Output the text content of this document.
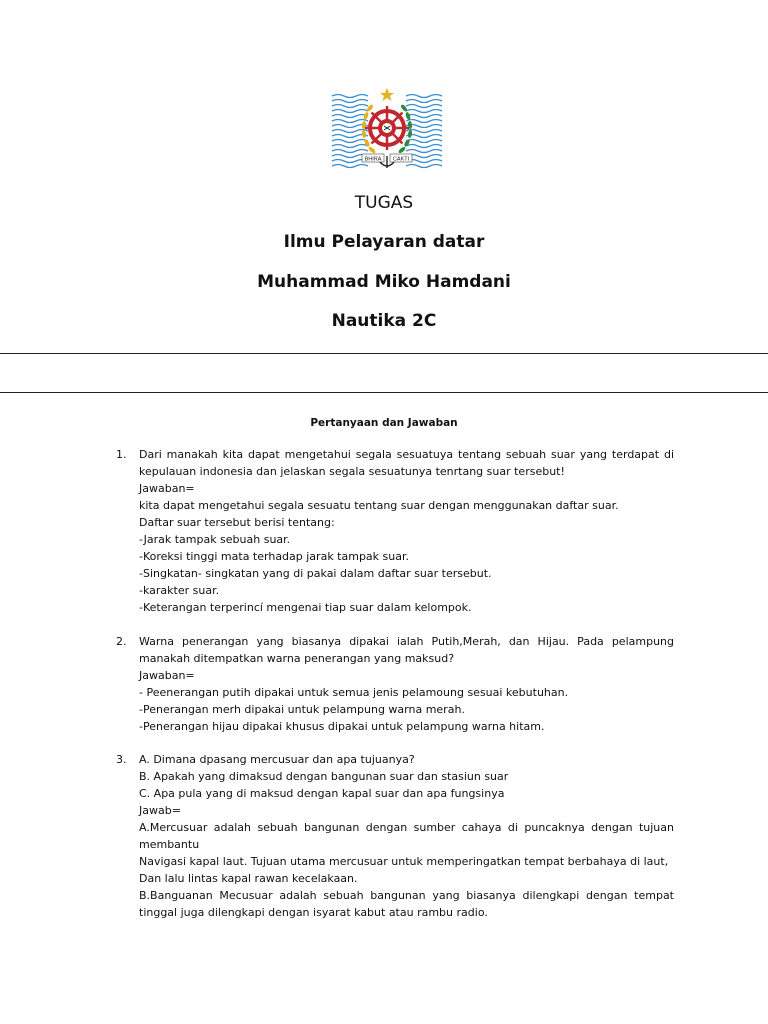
BHIRA CAKTI
TUGAS
Ilmu Pelayaran datar
Muhammad Miko Hamdani
Nautika 2C
Pertanyaan dan Jawaban
1.	Dari manakah kita dapat mengetahui segala sesuatuya tentang sebuah suar yang terdapat di kepulauan indonesia dan jelaskan segala sesuatunya tenrtang suar tersebut!
Jawaban=
kita dapat mengetahui segala sesuatu tentang suar dengan menggunakan daftar suar.
Daftar suar tersebut berisi tentang:
-Jarak tampak sebuah suar.
-Koreksi tinggi mata terhadap jarak tampak suar.
-Singkatan- singkatan yang di pakai dalam daftar suar tersebut.
-karakter suar.
-Keterangan terperincí mengenai tiap suar dalam kelompok.
2.	Warna penerangan yang biasanya dipakai ialah Putih,Merah, dan Hijau. Pada pelampung manakah ditempatkan warna penerangan yang maksud?
Jawaban=
- Peenerangan putih dipakai untuk semua jenis pelamoung sesuai kebutuhan.
-Penerangan merh dipakai untuk pelampung warna merah.
-Penerangan hijau dipakai khusus dipakai untuk pelampung warna hitam.
3.	A. Dimana dpasang mercusuar dan apa tujuanya?
B. Apakah yang dimaksud dengan bangunan suar dan stasiun suar
C. Apa pula yang di maksud dengan kapal suar dan apa fungsinya
Jawab=
A.Mercusuar adalah sebuah bangunan dengan sumber cahaya di puncaknya dengan tujuan membantu
Navigasi kapal laut. Tujuan utama mercusuar untuk memperingatkan tempat berbahaya di laut,
Dan lalu lintas kapal rawan kecelakaan.
B.Banguanan Mecusuar adalah sebuah bangunan yang biasanya dilengkapi dengan tempat tinggal juga dilengkapi dengan isyarat kabut atau rambu radio.
